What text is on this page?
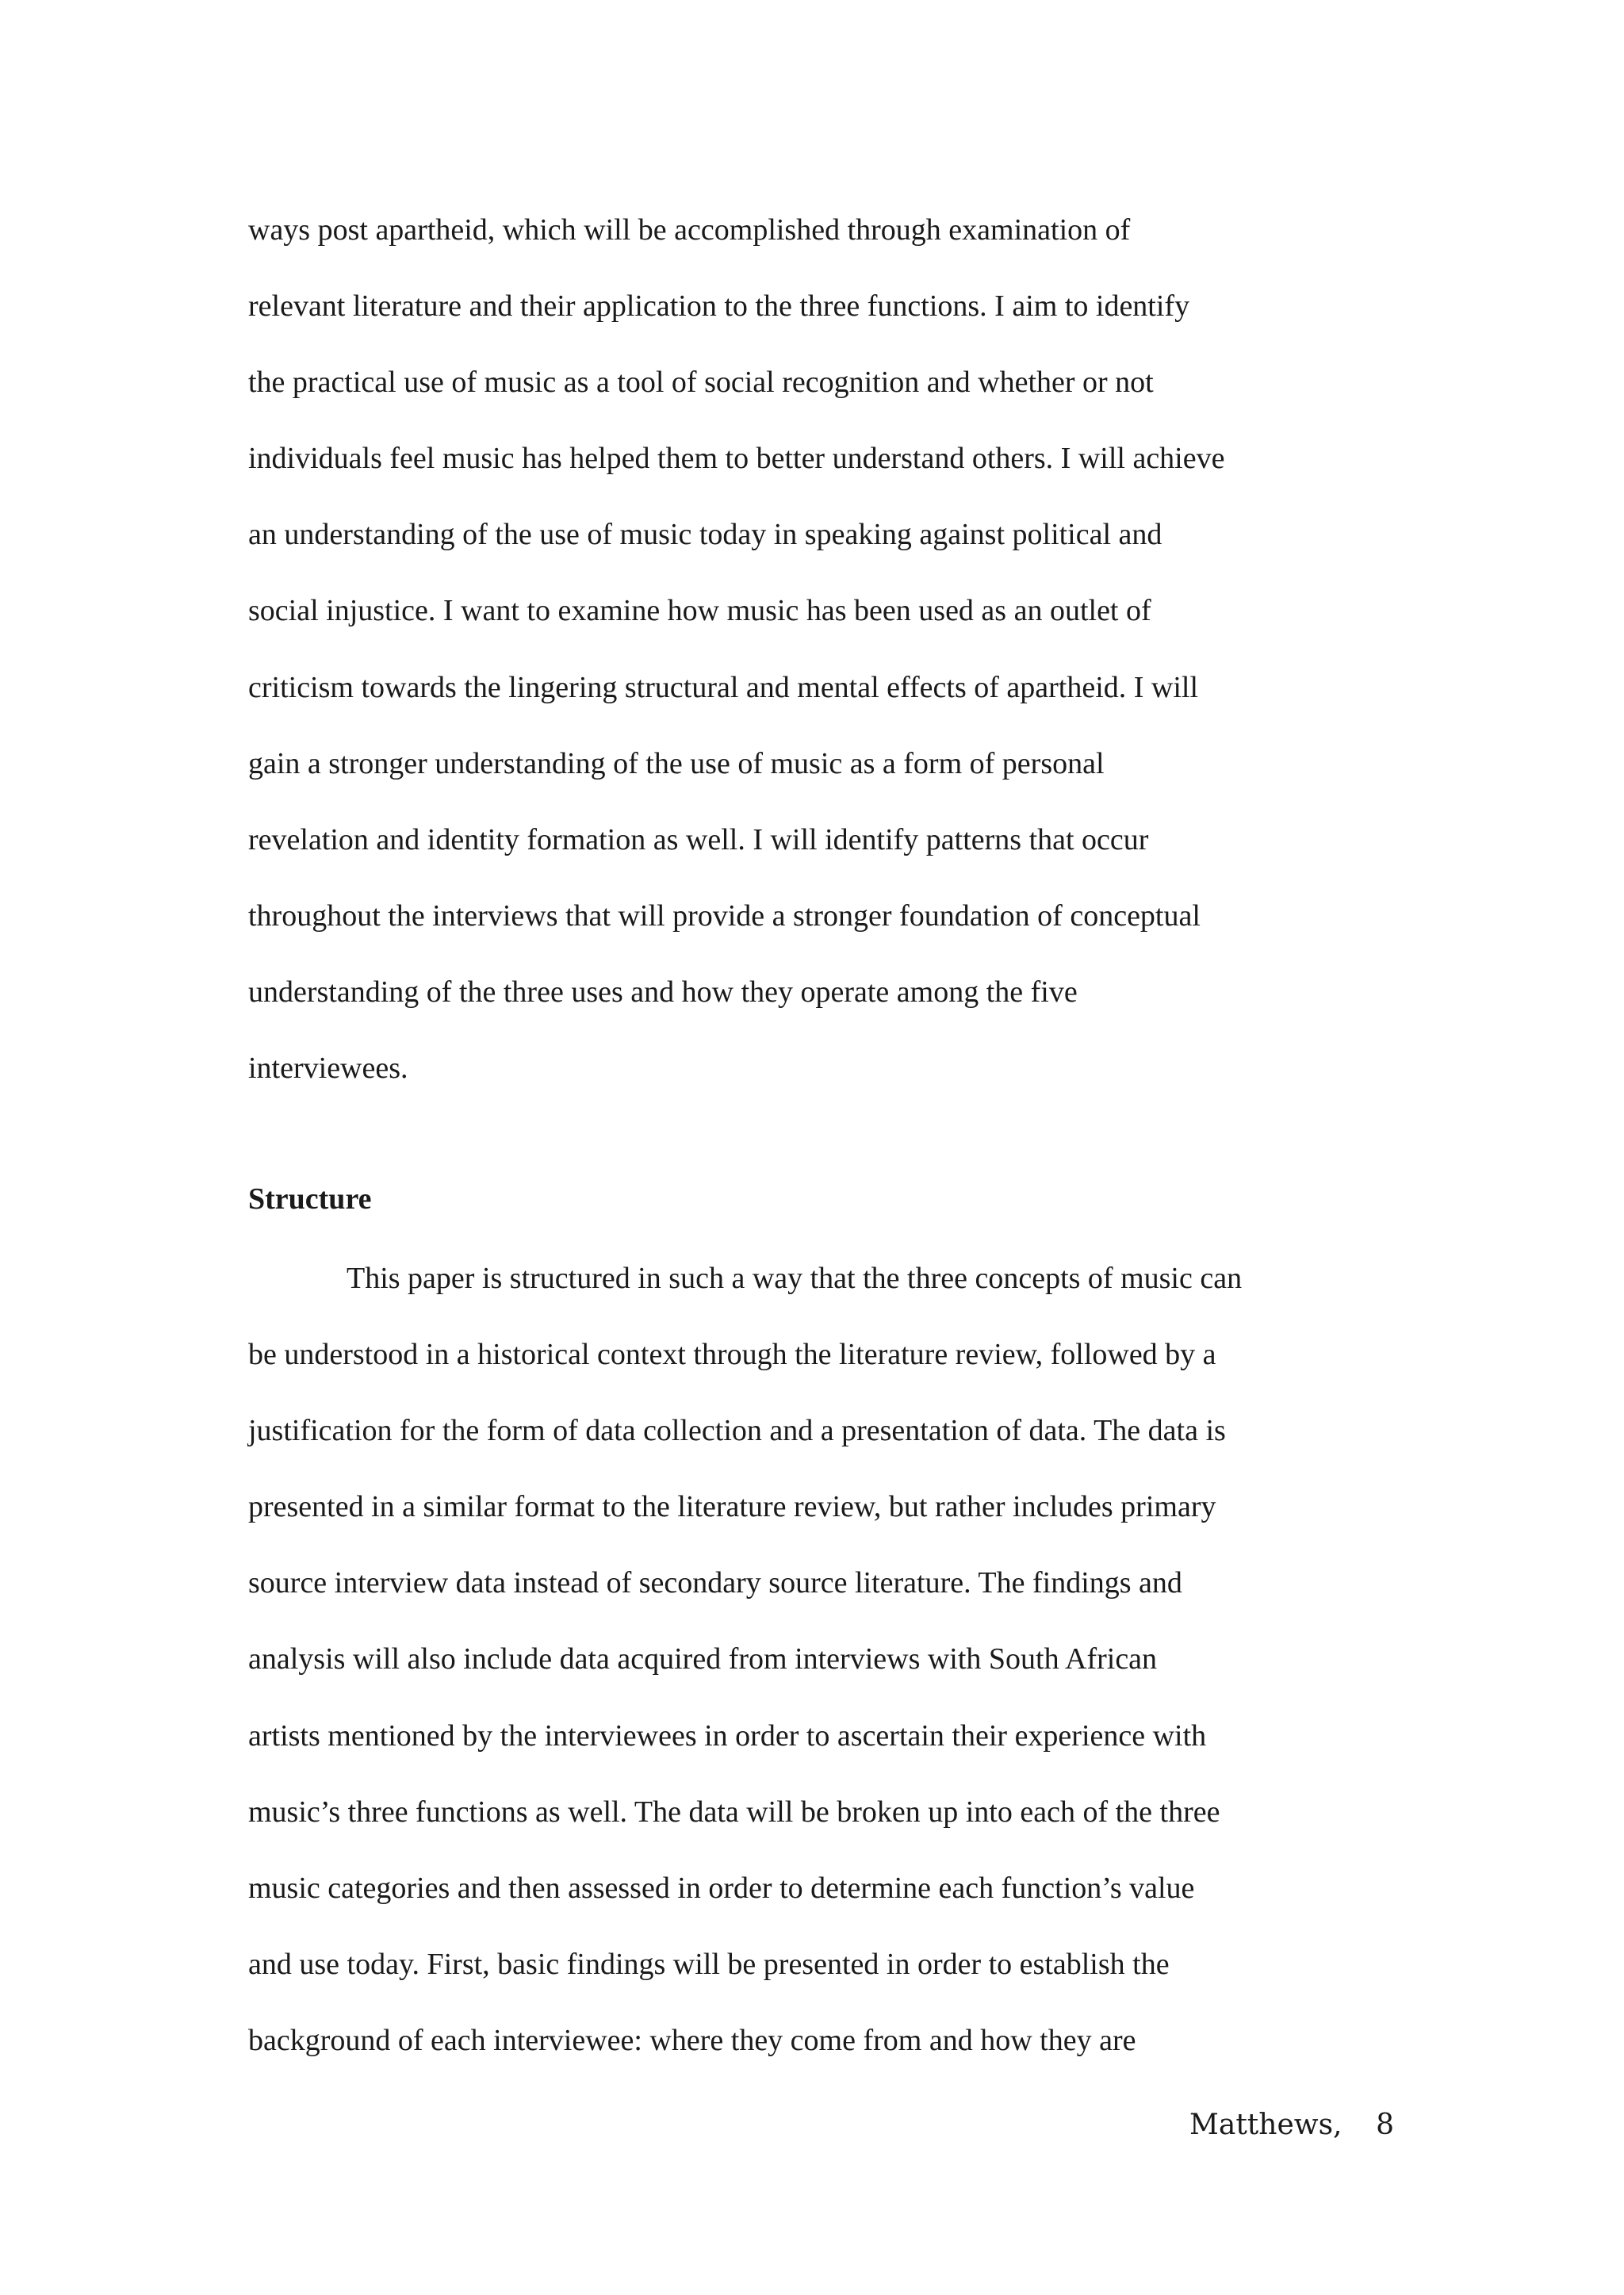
ways post apartheid, which will be accomplished through examination of
relevant literature and their application to the three functions. I aim to identify
the practical use of music as a tool of social recognition and whether or not
individuals feel music has helped them to better understand others. I will achieve
an understanding of the use of music today in speaking against political and
social injustice. I want to examine how music has been used as an outlet of
criticism towards the lingering structural and mental effects of apartheid. I will
gain a stronger understanding of the use of music as a form of personal
revelation and identity formation as well. I will identify patterns that occur
throughout the interviews that will provide a stronger foundation of conceptual
understanding of the three uses and how they operate among the five
interviewees.
Structure
This paper is structured in such a way that the three concepts of music can
be understood in a historical context through the literature review, followed by a
justification for the form of data collection and a presentation of data. The data is
presented in a similar format to the literature review, but rather includes primary
source interview data instead of secondary source literature. The findings and
analysis will also include data acquired from interviews with South African
artists mentioned by the interviewees in order to ascertain their experience with
music’s three functions as well. The data will be broken up into each of the three
music categories and then assessed in order to determine each function’s value
and use today. First, basic findings will be presented in order to establish the
background of each interviewee: where they come from and how they are
Matthews, 8
